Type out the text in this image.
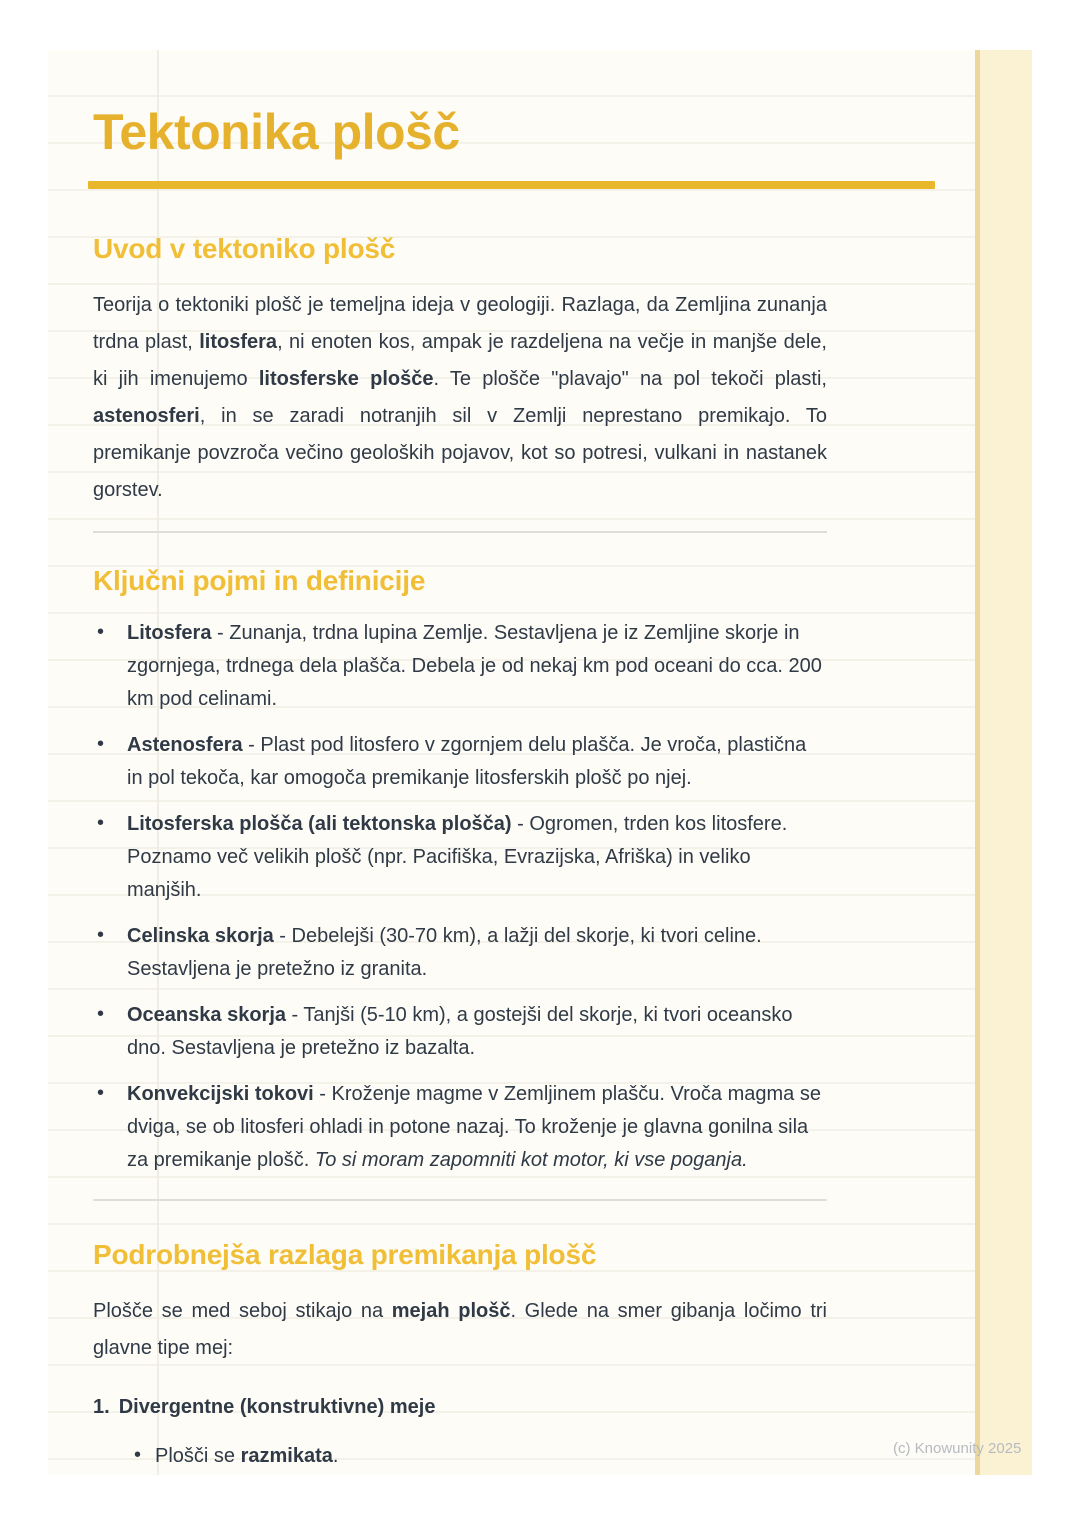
Tektonika plošč
Uvod v tektoniko plošč

Teorija o tektoniki plošč je temeljna ideja v geologiji. Razlaga, da Zemljina zunanja trdna plast, litosfera, ni enoten kos, ampak je razdeljena na večje in manjše dele, ki jih imenujemo litosferske plošče. Te plošče "plavajo" na pol tekoči plasti, astenosferi, in se zaradi notranjih sil v Zemlji neprestano premikajo. To premikanje povzroča večino geoloških pojavov, kot so potresi, vulkani in nastanek gorstev.

Ključni pojmi in definicije
• Litosfera - Zunanja, trdna lupina Zemlje. Sestavljena je iz Zemljine skorje in zgornjega, trdnega dela plašča. Debela je od nekaj km pod oceani do cca. 200 km pod celinami.
• Astenosfera - Plast pod litosfero v zgornjem delu plašča. Je vroča, plastična in pol tekoča, kar omogoča premikanje litosferskih plošč po njej.
• Litosferska plošča (ali tektonska plošča) - Ogromen, trden kos litosfere. Poznamo več velikih plošč (npr. Pacifiška, Evrazijska, Afriška) in veliko manjših.
• Celinska skorja - Debelejši (30-70 km), a lažji del skorje, ki tvori celine. Sestavljena je pretežno iz granita.
• Oceanska skorja - Tanjši (5-10 km), a gostejši del skorje, ki tvori oceansko dno. Sestavljena je pretežno iz bazalta.
• Konvekcijski tokovi - Kroženje magme v Zemljinem plašču. Vroča magma se dviga, se ob litosferi ohladi in potone nazaj. To kroženje je glavna gonilna sila za premikanje plošč. To si moram zapomniti kot motor, ki vse poganja.
Podrobnejša razlaga premikanja plošč

Plošče se med seboj stikajo na mejah plošč. Glede na smer gibanja ločimo tri glavne tipe mej:

1. Divergentne (konstruktivne) meje
• Plošči se razmikata.	(c) Knowunity 2025
